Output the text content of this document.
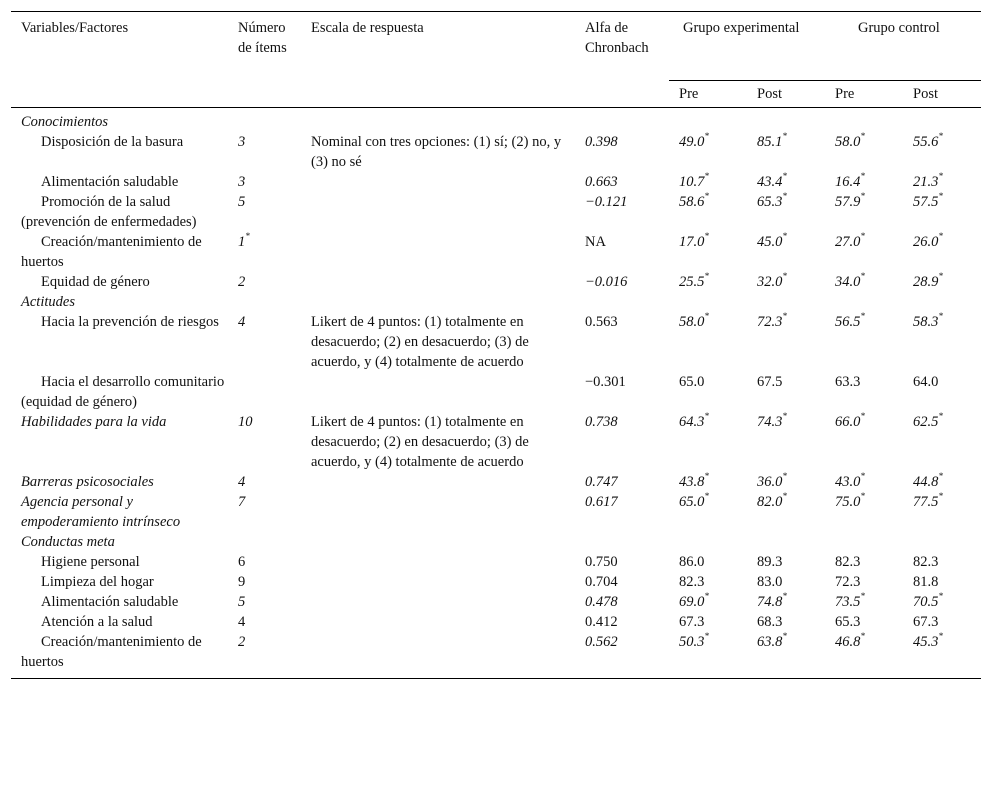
Variables/Factores	Número de ítems	Escala de respuesta	Alfa de Chronbach	Grupo experimental		Grupo control	
				Pre	Post	Pre	Post
Conocimientos							
Disposición de la basura	3	Nominal con tres opciones: (1) sí; (2) no, y (3) no sé	0.398	49.0*	85.1*	58.0*	55.6*
Alimentación saludable	3		0.663	10.7*	43.4*	16.4*	21.3*
Promoción de la salud (prevención de enfermedades)	5		−0.121	58.6*	65.3*	57.9*	57.5*
Creación/mantenimiento de huertos	1*		NA	17.0*	45.0*	27.0*	26.0*
Equidad de género	2		−0.016	25.5*	32.0*	34.0*	28.9*
Actitudes							
Hacia la prevención de riesgos	4	Likert de 4 puntos: (1) totalmente en desacuerdo; (2) en desacuerdo; (3) de acuerdo, y (4) totalmente de acuerdo	0.563	58.0*	72.3*	56.5*	58.3*
Hacia el desarrollo comunitario (equidad de género)			−0.301	65.0	67.5	63.3	64.0
Habilidades para la vida	10	Likert de 4 puntos: (1) totalmente en desacuerdo; (2) en desacuerdo; (3) de acuerdo, y (4) totalmente de acuerdo	0.738	64.3*	74.3*	66.0*	62.5*
Barreras psicosociales	4		0.747	43.8*	36.0*	43.0*	44.8*
Agencia personal y empoderamiento intrínseco	7		0.617	65.0*	82.0*	75.0*	77.5*
Conductas meta							
Higiene personal	6		0.750	86.0	89.3	82.3	82.3
Limpieza del hogar	9		0.704	82.3	83.0	72.3	81.8
Alimentación saludable	5		0.478	69.0*	74.8*	73.5*	70.5*
Atención a la salud	4		0.412	67.3	68.3	65.3	67.3
Creación/mantenimiento de huertos	2		0.562	50.3*	63.8*	46.8*	45.3*
